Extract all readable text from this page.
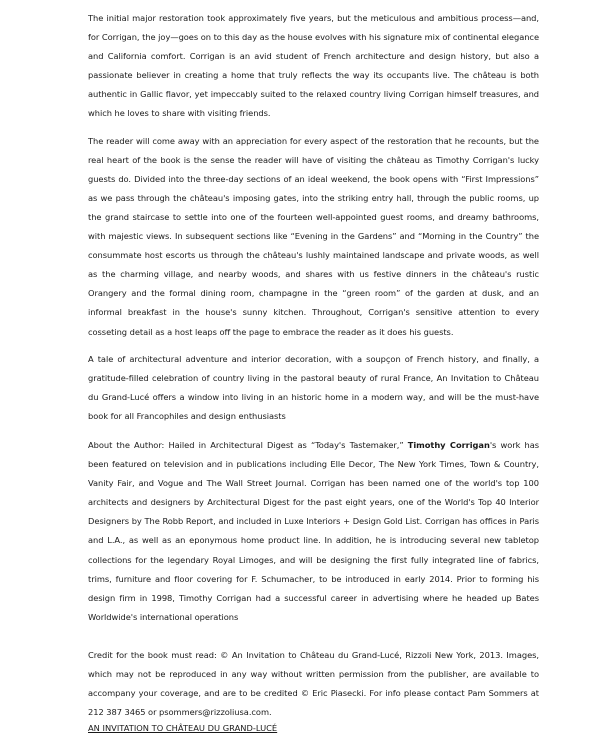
The initial major restoration took approximately five years, but the meticulous and ambitious process—and, for Corrigan, the joy—goes on to this day as the house evolves with his signature mix of continental elegance and California comfort. Corrigan is an avid student of French architecture and design history, but also a passionate believer in creating a home that truly reflects the way its occupants live. The château is both authentic in Gallic flavor, yet impeccably suited to the relaxed country living Corrigan himself treasures, and which he loves to share with visiting friends.

The reader will come away with an appreciation for every aspect of the restoration that he recounts, but the real heart of the book is the sense the reader will have of visiting the château as Timothy Corrigan's lucky guests do. Divided into the three-day sections of an ideal weekend, the book opens with “First Impressions” as we pass through the château's imposing gates, into the striking entry hall, through the public rooms, up the grand staircase to settle into one of the fourteen well-appointed guest rooms, and dreamy bathrooms, with majestic views. In subsequent sections like “Evening in the Gardens” and “Morning in the Country” the consummate host escorts us through the château's lushly maintained landscape and private woods, as well as the charming village, and nearby woods, and shares with us festive dinners in the château's rustic Orangery and the formal dining room, champagne in the “green room” of the garden at dusk, and an informal breakfast in the house's sunny kitchen. Throughout, Corrigan's sensitive attention to every cosseting detail as a host leaps off the page to embrace the reader as it does his guests.

A tale of architectural adventure and interior decoration, with a soupçon of French history, and finally, a gratitude-filled celebration of country living in the pastoral beauty of rural France, An Invitation to Château du Grand-Lucé offers a window into living in an historic home in a modern way, and will be the must-have book for all Francophiles and design enthusiasts

About the Author: Hailed in Architectural Digest as “Today's Tastemaker,” Timothy Corrigan's work has been featured on television and in publications including Elle Decor, The New York Times, Town & Country, Vanity Fair, and Vogue and The Wall Street Journal. Corrigan has been named one of the world's top 100 architects and designers by Architectural Digest for the past eight years, one of the World's Top 40 Interior Designers by The Robb Report, and included in Luxe Interiors + Design Gold List. Corrigan has offices in Paris and L.A., as well as an eponymous home product line. In addition, he is introducing several new tabletop collections for the legendary Royal Limoges, and will be designing the first fully integrated line of fabrics, trims, furniture and floor covering for F. Schumacher, to be introduced in early 2014. Prior to forming his design firm in 1998, Timothy Corrigan had a successful career in advertising where he headed up Bates Worldwide's international operations

Credit for the book must read: © An Invitation to Château du Grand-Lucé, Rizzoli New York, 2013. Images, which may not be reproduced in any way without written permission from the publisher, are available to accompany your coverage, and are to be credited © Eric Piasecki. For info please contact Pam Sommers at 212 387 3465 or psommers@rizzoliusa.com.

AN INVITATION TO CHÂTEAU DU GRAND-LUCÉ
